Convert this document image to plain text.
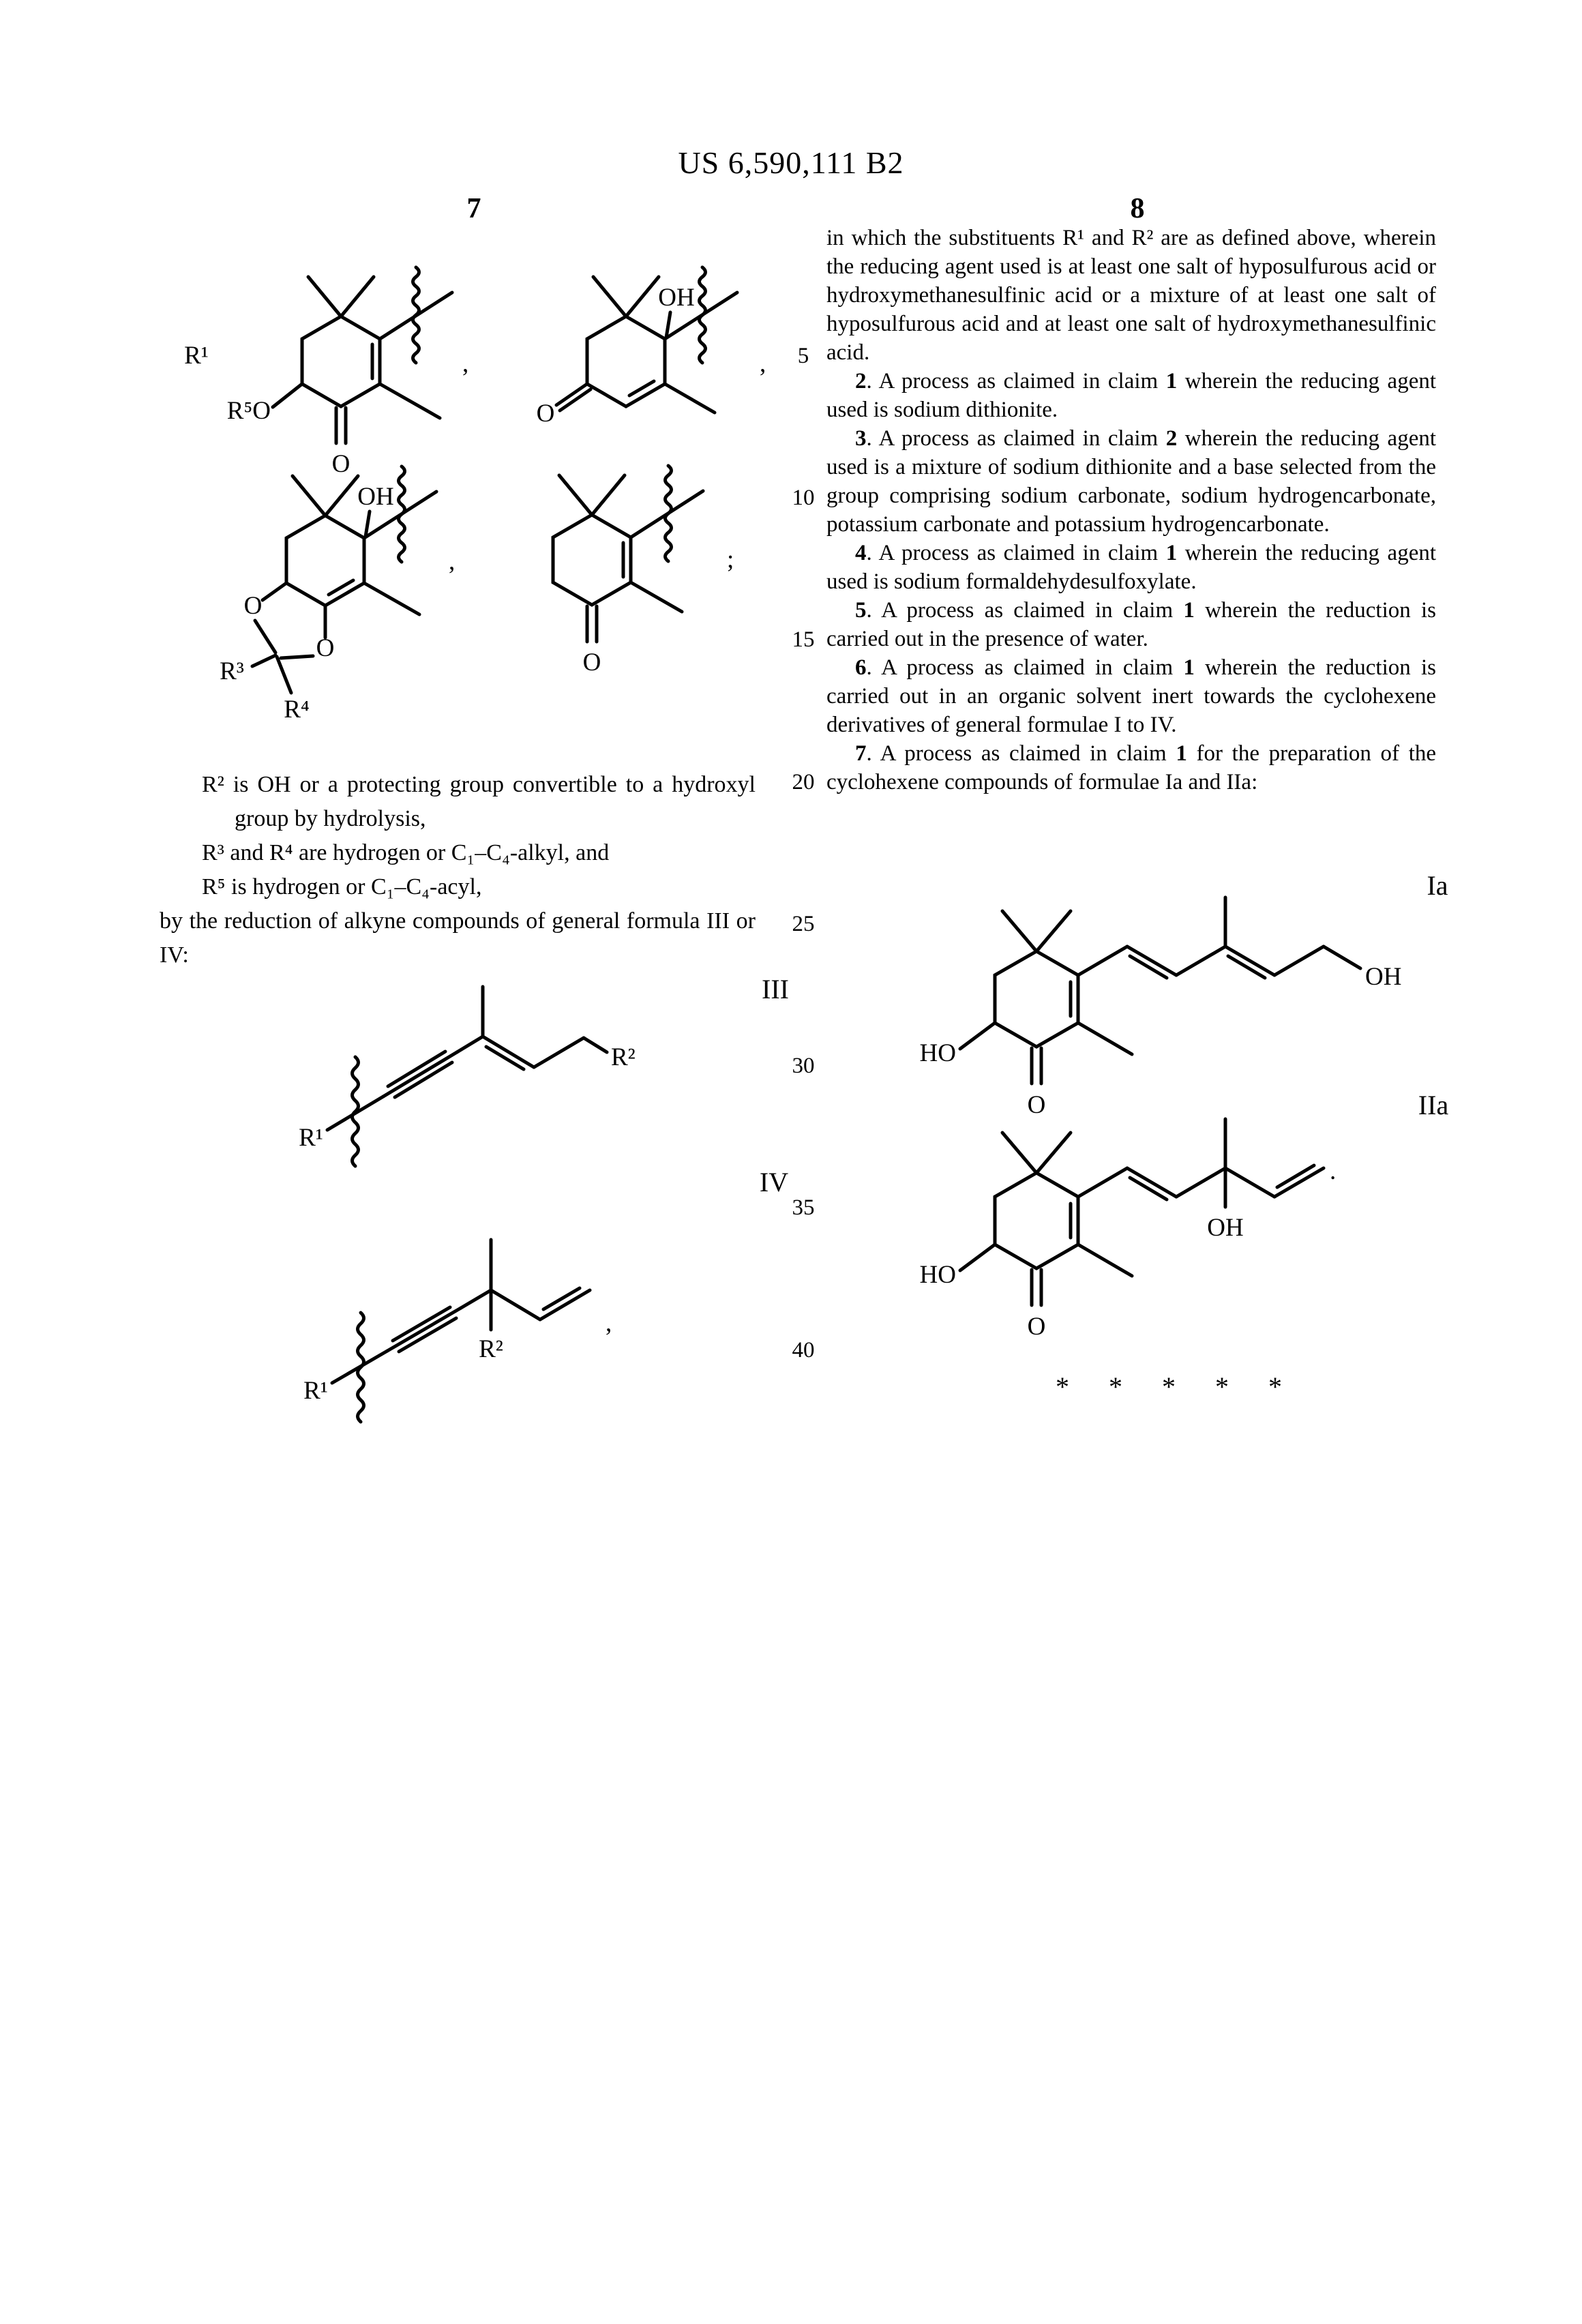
US 6,590,111 B2
7	8
5
10
15
20
25
30
35
40

R² is OH or a protecting group convertible to a hydroxyl group by hydrolysis,

R³ and R⁴ are hydrogen or C₁–C₄-alkyl, and

R⁵ is hydrogen or C₁–C₄-acyl,

by the reduction of alkyne compounds of general formula III or IV:

in which the substituents R¹ and R² are as defined above, wherein the reducing agent used is at least one salt of hyposulfurous acid or hydroxymethanesulfinic acid or a mixture of at least one salt of hyposulfurous acid and at least one salt of hydroxymethanesulfinic acid.

2. A process as claimed in claim 1 wherein the reducing agent used is sodium dithionite.

3. A process as claimed in claim 2 wherein the reducing agent used is a mixture of sodium dithionite and a base selected from the group comprising sodium carbonate, sodium hydrogencarbonate, potassium carbonate and potassium hydrogencarbonate.

4. A process as claimed in claim 1 wherein the reducing agent used is sodium formaldehydesulfoxylate.

5. A process as claimed in claim 1 wherein the reduction is carried out in the presence of water.

6. A process as claimed in claim 1 wherein the reduction is carried out in an organic solvent inert towards the cyclohexene derivatives of general formulae I to IV.

7. A process as claimed in claim 1 for the preparation of the cyclohexene compounds of formulae Ia and IIa:

* * * * *
R¹
R⁵O
O
,
OH
O
,
OH
O
O
R³
R⁴
,
O
;
R¹
R²
III
R¹
R²
,
IV
HO
O
OH
Ia
HO
O
OH
.
IIa
